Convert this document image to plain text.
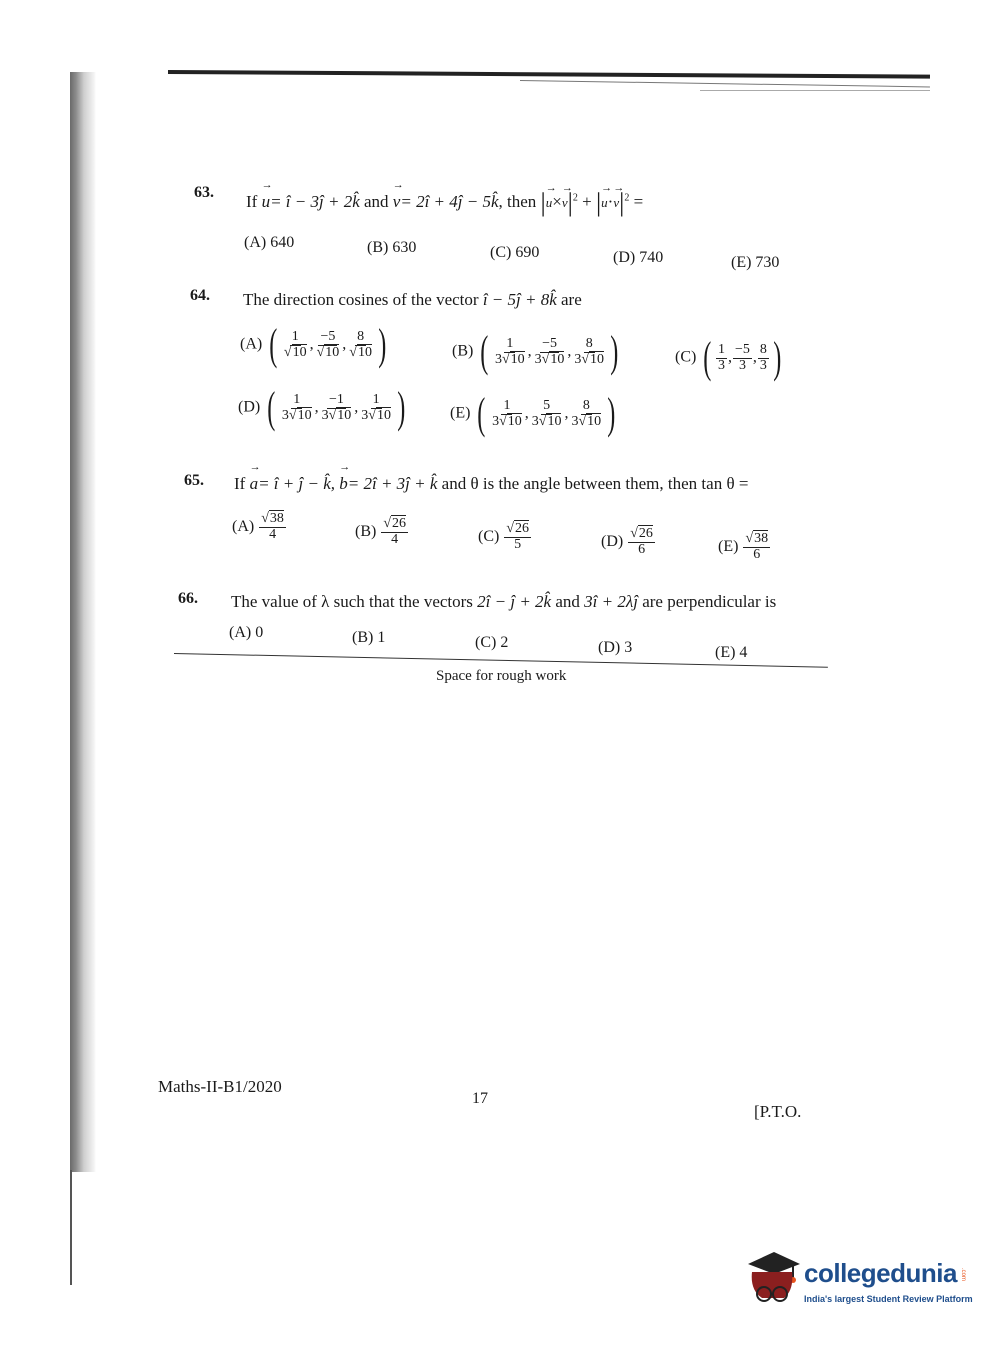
63. If → u= î − 3ĵ + 2k̂ and → v= 2î + 4ĵ − 5k̂, then |→ $u\times\to v|^2$ + |→ $u\cdot\to v|^2$ =
(A) 640	(B) 630	(C) 690	(D) 740	(E) 730
64. The direction cosines of the vector î − 5ĵ + 8k̂ are
(A) ( $\frac{1}{√10}$ , $\frac{-5}{√10}$ , $\frac{8}{√10}$ )	(B) ( $\frac{1}{3√10}$ , $\frac{-5}{3√10}$ , $\frac{8}{3√10}$ )	(C) ( $\frac{1}{3}$ , $\frac{-5}{3}$ , $\frac{8}{3}$ )
(D) ( $\frac{1}{3√10}$ , $\frac{-1}{3√10}$ , $\frac{1}{3√10}$ )	(E) ( $\frac{1}{3√10}$ , $\frac{5}{3√10}$ , $\frac{8}{3√10}$ )
65. If → a= î + ĵ − k̂, → b= 2î + 3ĵ + k̂ and θ is the angle between them, then tan θ =
$(A) \frac{√38}{4}$	$(B) \frac{√26}{4}$	$(C) \frac{√26}{5}$	$(D) \frac{√26}{6}$	$(E) \frac{√38}{6}$
66. The value of λ such that the vectors 2î − ĵ + 2k̂ and 3î + 2λĵ are perpendicular is
(A) 0	(B) 1	(C) 2	(D) 3	(E) 4
Space for rough work
Maths-II-B1/2020
17
[P.T.O.
collegedunia .com
India's largest Student Review Platform
